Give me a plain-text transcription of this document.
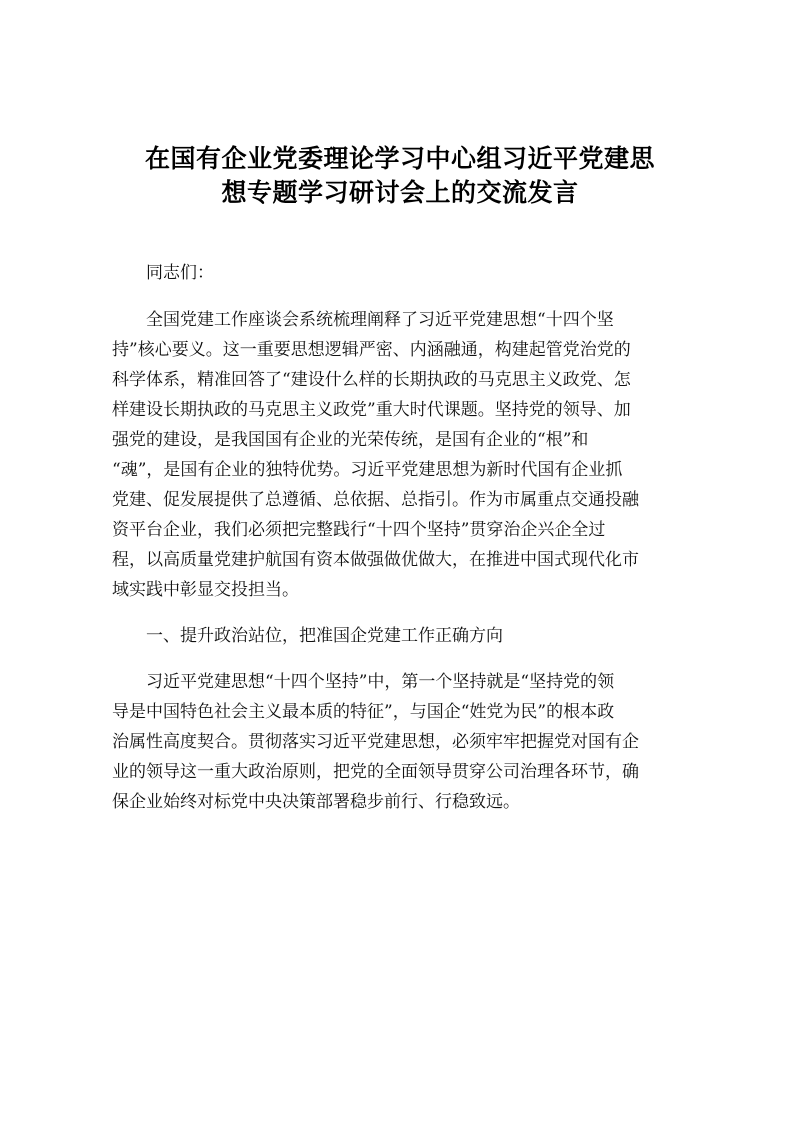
在国有企业党委理论学习中心组习近平党建思
想专题学习研讨会上的交流发言

　　同志们：

　　全国党建工作座谈会系统梳理阐释了习近平党建思想“十四个坚
持”核心要义。这一重要思想逻辑严密、内涵融通，构建起管党治党的
科学体系，精准回答了“建设什么样的长期执政的马克思主义政党、怎
样建设长期执政的马克思主义政党”重大时代课题。坚持党的领导、加
强党的建设，是我国国有企业的光荣传统，是国有企业的“根”和
“魂”，是国有企业的独特优势。习近平党建思想为新时代国有企业抓
党建、促发展提供了总遵循、总依据、总指引。作为市属重点交通投融
资平台企业，我们必须把完整践行“十四个坚持”贯穿治企兴企全过
程，以高质量党建护航国有资本做强做优做大，在推进中国式现代化市
域实践中彰显交投担当。

　　一、提升政治站位，把准国企党建工作正确方向

　　习近平党建思想“十四个坚持”中，第一个坚持就是“坚持党的领
导是中国特色社会主义最本质的特征”，与国企“姓党为民”的根本政
治属性高度契合。贯彻落实习近平党建思想，必须牢牢把握党对国有企
业的领导这一重大政治原则，把党的全面领导贯穿公司治理各环节，确
保企业始终对标党中央决策部署稳步前行、行稳致远。
